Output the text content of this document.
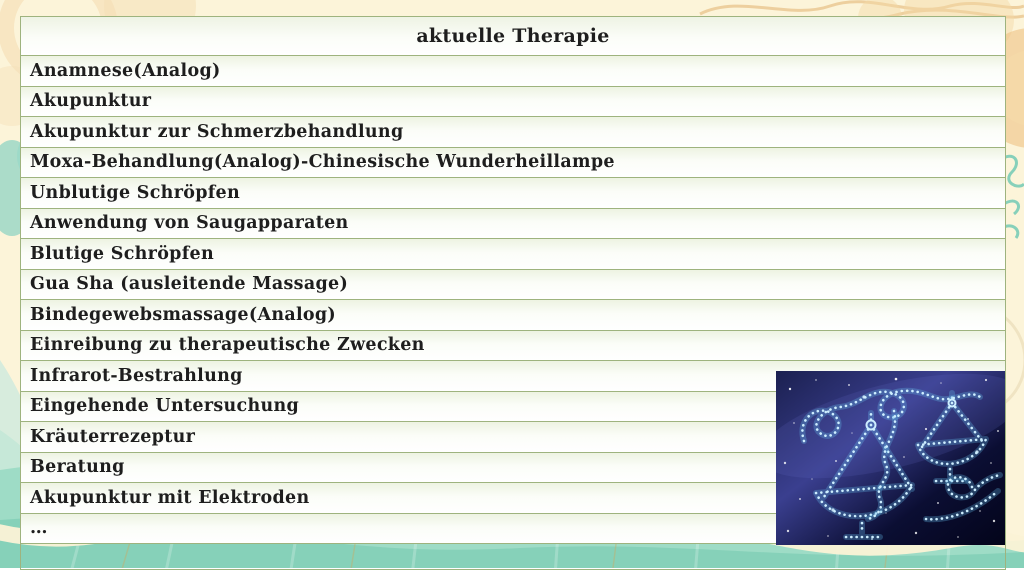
aktuelle Therapie
Anamnese(Analog)
Akupunktur
Akupunktur zur Schmerzbehandlung
Moxa-Behandlung(Analog)-Chinesische Wunderheillampe
Unblutige Schröpfen
Anwendung von Saugapparaten
Blutige Schröpfen
Gua Sha (ausleitende Massage)
Bindegewebsmassage(Analog)
Einreibung zu therapeutische Zwecken
Infrarot-Bestrahlung
Eingehende Untersuchung
Kräuterrezeptur
Beratung
Akupunktur mit Elektroden
…
